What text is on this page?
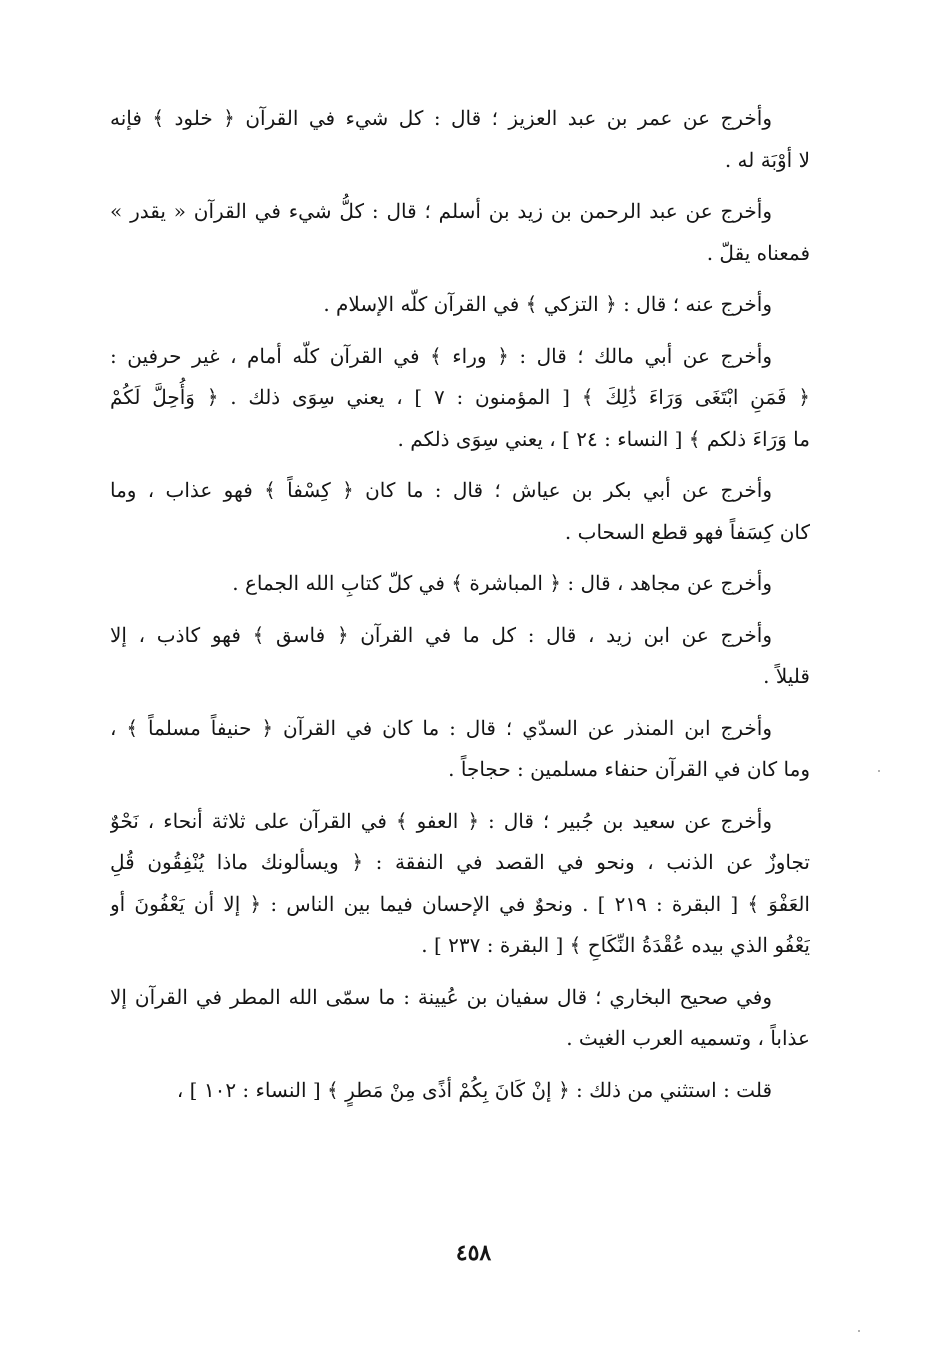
وأخرج عن عمر بن عبد العزيز ؛ قال : كل شيء في القرآن ﴿ خلود ﴾ فإنه
لا أوْبَة له .
وأخرج عن عبد الرحمن بن زيد بن أسلم ؛ قال : كلُّ شيء في القرآن « يقدر »
فمعناه يقلّ .
وأخرج عنه ؛ قال : ﴿ التزكي ﴾ في القرآن كلّه الإسلام .
وأخرج عن أبي مالك ؛ قال : ﴿ وراء ﴾ في القرآن كلّه أمام ، غير حرفين :
﴿ فَمَنِ ابْتَغَى وَرَاءَ ذَٰلِكَ ﴾ [ المؤمنون : ٧ ] ، يعني سِوَى ذلك . ﴿ وَأُحِلَّ لَكُمْ
ما وَرَاءَ ذلكم ﴾ [ النساء : ٢٤ ] ، يعني سِوَى ذلكم .
وأخرج عن أبي بكر بن عياش ؛ قال : ما كان ﴿ كِسْفاً ﴾ فهو عذاب ، وما
كان كِسَفاً فهو قطع السحاب .
وأخرج عن مجاهد ، قال : ﴿ المباشرة ﴾ في كلّ كتابِ الله الجماع .
وأخرج عن ابن زيد ، قال : كل ما في القرآن ﴿ فاسق ﴾ فهو كاذب ، إلا
قليلاً .
وأخرج ابن المنذر عن السدّي ؛ قال : ما كان في القرآن ﴿ حنيفاً مسلماً ﴾ ،
وما كان في القرآن حنفاء مسلمين : حجاجاً .
وأخرج عن سعيد بن جُبير ؛ قال : ﴿ العفو ﴾ في القرآن على ثلاثة أنحاء ، نَحْوٌ
تجاوزٌ عن الذنب ، ونحو في القصد في النفقة : ﴿ ويسألونك ماذا يُنْفِقُون قُلِ
العَفْوَ ﴾ [ البقرة : ٢١٩ ] . ونحوٌ في الإحسان فيما بين الناس : ﴿ إلا أن يَعْفُونَ أو
يَعْفُو الذي بيده عُقْدَةُ النِّكَاحِ ﴾ [ البقرة : ٢٣٧ ] .
وفي صحيح البخاري ؛ قال سفيان بن عُيينة : ما سمّى الله المطر في القرآن إلا
عذاباً ، وتسميه العرب الغيث .
قلت : استثني من ذلك : ﴿ إنْ كَانَ بِكُمْ أذًى مِنْ مَطرٍ ﴾ [ النساء : ١٠٢ ] ،
٤٥٨
